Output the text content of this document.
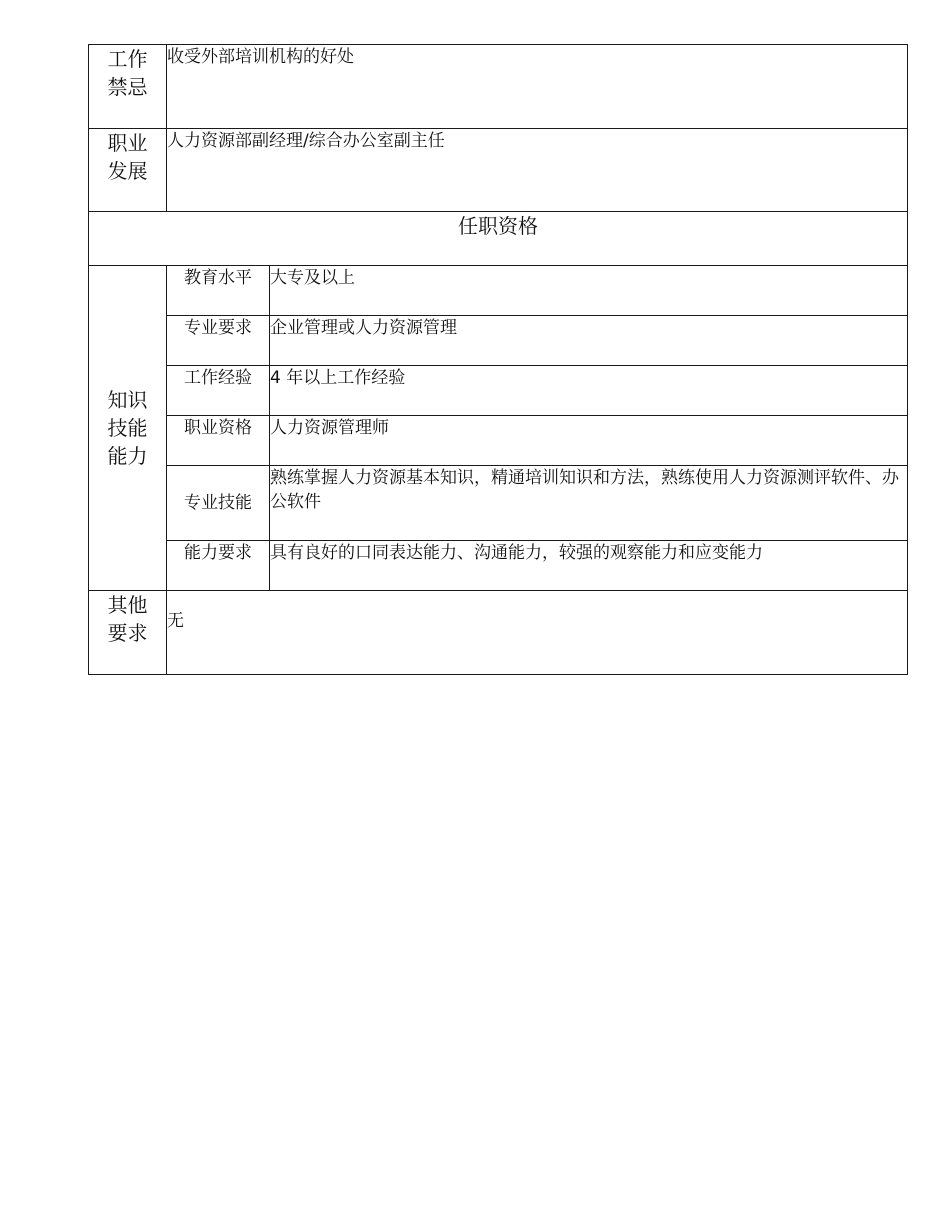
工作禁忌	收受外部培训机构的好处	
职业发展	人力资源部副经理/综合办公室副主任	
任职资格		
知识技能能力	教育水平	大专及以上
	专业要求	企业管理或人力资源管理
	工作经验	4 年以上工作经验
	职业资格	人力资源管理师
	专业技能	熟练掌握人力资源基本知识，精通培训知识和方法，熟练使用人力资源测评软件、办公软件
	能力要求	具有良好的口同表达能力、沟通能力，较强的观察能力和应变能力
其他要求	无	
